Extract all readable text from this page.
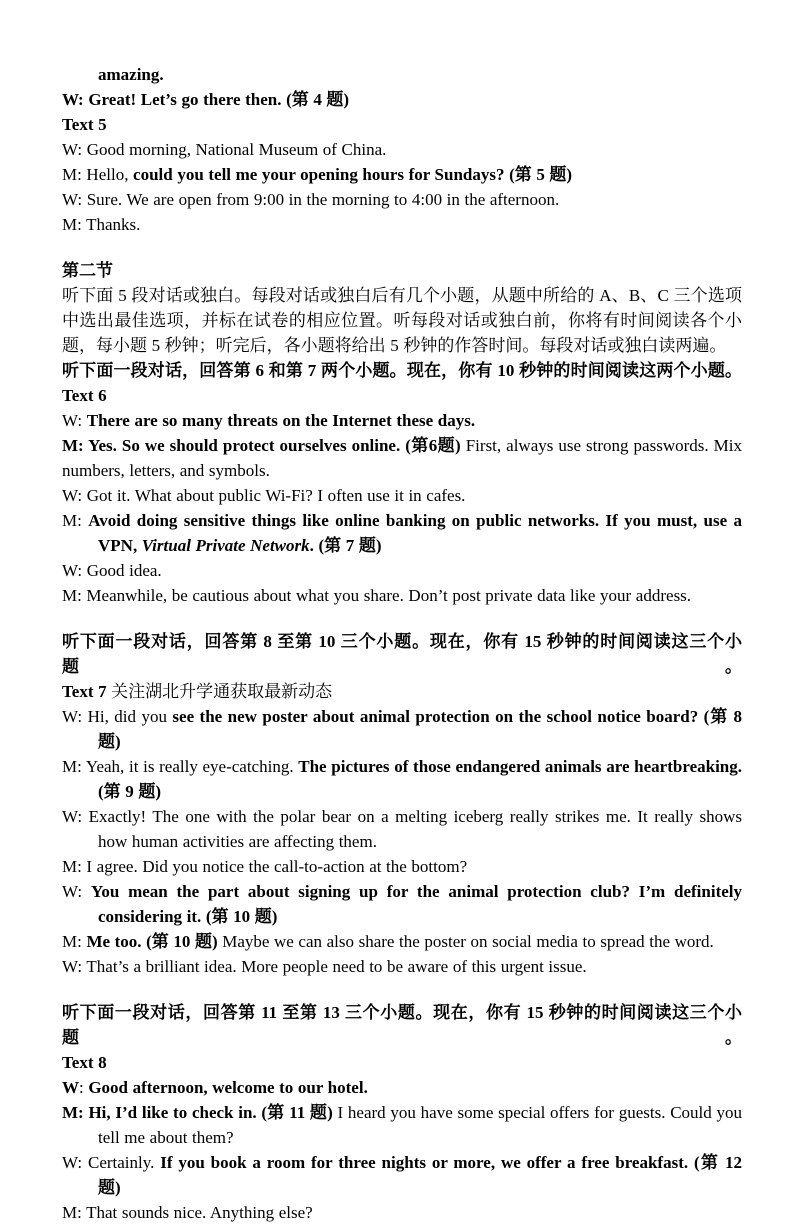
amazing.

W: Great! Let’s go there then. (第 4 题)

Text 5

W: Good morning, National Museum of China.

M: Hello, could you tell me your opening hours for Sundays? (第 5 题)

W: Sure. We are open from 9:00 in the morning to 4:00 in the afternoon.

M: Thanks.

第二节

听下面 5 段对话或独白。每段对话或独白后有几个小题，从题中所给的 A、B、C 三个选项中选出最佳选项，并标在试卷的相应位置。听每段对话或独白前，你将有时间阅读各个小题，每小题 5 秒钟；听完后，各小题将给出 5 秒钟的作答时间。每段对话或独白读两遍。

听下面一段对话，回答第 6 和第 7 两个小题。现在，你有 10 秒钟的时间阅读这两个小题。

Text 6

W: There are so many threats on the Internet these days.

M: Yes. So we should protect ourselves online. (第6题) First, always use strong passwords. Mix numbers, letters, and symbols.

W: Got it. What about public Wi-Fi? I often use it in cafes.

M: Avoid doing sensitive things like online banking on public networks. If you must, use a VPN, Virtual Private Network. (第 7 题)

W: Good idea.

M: Meanwhile, be cautious about what you share. Don’t post private data like your address.

听下面一段对话，回答第 8 至第 10 三个小题。现在，你有 15 秒钟的时间阅读这三个小题。

Text 7 关注湖北升学通获取最新动态

W: Hi, did you see the new poster about animal protection on the school notice board? (第 8 题)

M: Yeah, it is really eye-catching. The pictures of those endangered animals are heartbreaking. (第 9 题)

W: Exactly! The one with the polar bear on a melting iceberg really strikes me. It really shows how human activities are affecting them.

M: I agree. Did you notice the call-to-action at the bottom?

W: You mean the part about signing up for the animal protection club? I’m definitely considering it. (第 10 题)

M: Me too. (第 10 题) Maybe we can also share the poster on social media to spread the word.

W: That’s a brilliant idea. More people need to be aware of this urgent issue.

听下面一段对话，回答第 11 至第 13 三个小题。现在，你有 15 秒钟的时间阅读这三个小题。

Text 8

W: Good afternoon, welcome to our hotel.

M: Hi, I’d like to check in. (第 11 题) I heard you have some special offers for guests. Could you tell me about them?

W: Certainly. If you book a room for three nights or more, we offer a free breakfast. (第 12 题)

M: That sounds nice. Anything else?
